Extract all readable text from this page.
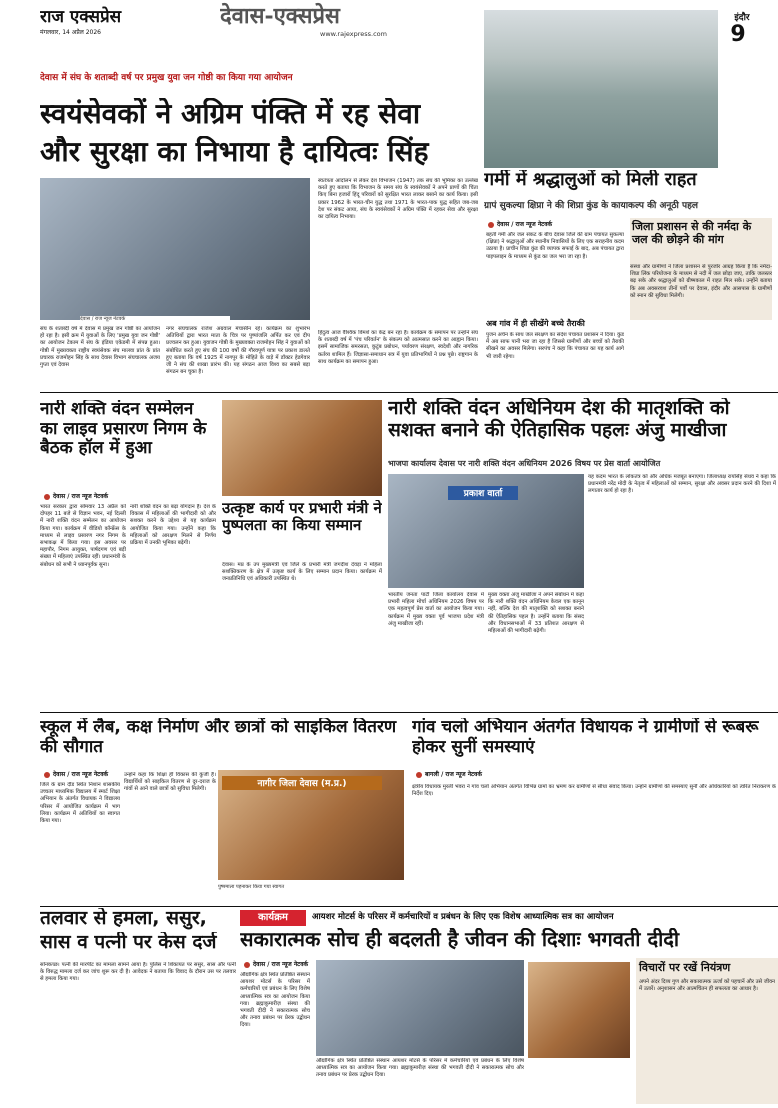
राज एक्सप्रेस
मंगलवार, 14 अप्रैल 2026
देवास-एक्सप्रेस
www.rajexpress.com
इंदौर
9
देवास में संघ के शताब्दी वर्ष पर प्रमुख युवा जन गोष्ठी का किया गया आयोजन
स्वयंसेवकों ने अग्रिम पंक्ति में रह सेवा
और सुरक्षा का निभाया है दायित्वः सिंह
देवास / राज न्यूज नेटवर्क
संघ के शताब्दी वर्ष में देवास में प्रमुख जन गोष्ठी का आयोजन हो रहा है। इसी क्रम में युवाओं के लिए 'प्रमुख युवा जन गोष्ठी' का आयोजन टेकाम में संघ के इंडिया एकेडमी में संपन्न हुआ। गोष्ठी में मुख्यवक्ता राष्ट्रीय स्वयंसेवक संघ मालवा प्रांत के प्रांत प्रचारक राजमोहन सिंह के साथ देवास विभाग संघचालक अजय गुप्ता एवं देवास
नगर संघचालक राजेश अग्रवाल मंचासीन रहे। कार्यक्रम का शुभारंभ अतिथियों द्वारा भारत माता के चित्र पर पुष्पांजलि अर्पित कर एवं दीप प्रज्वलन कर हुआ। युवाजन गोष्ठी के मुख्यवक्ता राजमोहन सिंह ने युवाओं को संबोधित करते हुए संघ की 100 वर्षों की गौरवपूर्ण यात्रा पर प्रकाश डालते हुए बताया कि वर्ष 1925 में नागपुर के मोहिते के वाड़े में डॉक्टर हेडगेवार जी ने संघ की शाखा प्रारंभ की। यह संगठन आज विश्व का सबसे बड़ा संगठन बन चुका है।
स्वतंत्रता आंदोलन से लेकर देश विभाजन (1947) तक संघ की भूमिका का उल्लेख करते हुए बताया कि विभाजन के समय संघ के स्वयंसेवकों ने अपने प्राणों की चिंता किए बिना हजारों हिंदू परिवारों को सुरक्षित भारत लाकर बसाने का कार्य किया। इसी प्रकार 1962 के भारत-चीन युद्ध तथा 1971 के भारत-पाक युद्ध सहित जब-जब देश पर संकट आया, संघ के स्वयंसेवकों ने अग्रिम पंक्ति में रहकर सेवा और सुरक्षा का दायित्व निभाया।
हिंदुत्व आज वैश्विक विमर्श का केंद्र बन रहा है। कार्यक्रम के समापन पर उन्होंने संघ के शताब्दी वर्ष में 'पंच परिवर्तन' के संकल्प को आत्मसात करने का आह्वान किया। इसमें सामाजिक समरसता, कुटुंब प्रबोधन, पर्यावरण संरक्षण, स्वदेशी और नागरिक कर्तव्य शामिल हैं। जिज्ञासा-समाधान सत्र में युवा प्रतिभागियों ने प्रश्न पूछे। राष्ट्रगान के साथ कार्यक्रम का समापन हुआ।
गर्मी में श्रद्धालुओं को मिली राहत
ग्रापं सुकल्या क्षिप्रा ने की शिप्रा कुंड के कायाकल्प की अनूठी पहल
देवास / राज न्यूज नेटवर्क
बहती गर्मी और जल संकट के बीच देवास जिले की ग्राम पंचायत सुकल्या (क्षिप्रा) ने श्रद्धालुओं और स्थानीय निवासियों के लिए एक सराहनीय कदम उठाया है। प्राचीन शिप्रा कुंड की व्यापक सफाई के बाद, अब पंचायत द्वारा पाइपलाइन के माध्यम से कुंड का जल भरा जा रहा है।
अब गांव में ही सीखेंगे बच्चे तैराकी
पुजन अर्चन के साथ जल संरक्षण का संदेश पंचायत प्रशासन ने दिया। कुंड में अब साफ पानी भरा जा रहा है जिससे ग्रामीणों और बच्चों को तैराकी सीखने का अवसर मिलेगा। सरपंच ने कहा कि पंचायत का यह कार्य आगे भी जारी रहेगा।
जिला प्रशासन से की नर्मदा के जल की छोड़ने की मांग
संस्था और ग्रामीणों ने जिला प्रशासन से पुरजोर आग्रह किया है कि नर्मदा-शिप्रा लिंक परियोजना के माध्यम से नदी में जल छोड़ा जाए, ताकि जलस्तर बढ़ सके और श्रद्धालुओं को ग्रीष्मकाल में राहत मिल सके। उन्होंने बताया कि अब अवसरवश तीनों पर्वों पर देवास, इंदौर और आसपास के ग्रामीणों को स्नान की सुविधा मिलेगी।
नारी शक्ति वंदन सम्मेलन का लाइव प्रसारण निगम के बैठक हॉल में हुआ
देवास / राज न्यूज नेटवर्क
भारत सरकार द्वारा सोमवार 13 अप्रैल को दोपहर 11 बजे से विज्ञान भवन, नई दिल्ली में नारी शक्ति वंदन सम्मेलन का आयोजन किया गया। कार्यक्रम में वीडियो कॉन्फ्रेंस के माध्यम से लाइव प्रसारण नगर निगम के सभाकक्ष में किया गया। इस अवसर पर महापौर, निगम आयुक्त, पार्षदगण एवं बड़ी संख्या में महिलाएं उपस्थित रहीं। प्रधानमंत्री के संबोधन को सभी ने ध्यानपूर्वक सुना।
नारी शक्ति वंदन का बढ़ा योगदान है। देश के विकास में महिलाओं की भागीदारी को और सशक्त करने के उद्देश्य से यह कार्यक्रम आयोजित किया गया। उन्होंने कहा कि महिलाओं को आरक्षण मिलने से निर्णय प्रक्रिया में उनकी भूमिका बढ़ेगी।
उत्कृष्ट कार्य पर प्रभारी मंत्री ने पुष्पलता का किया सम्मान
देवास। मप्र के उप मुख्यमंत्री एवं जिले के प्रभारी मंत्री जगदीश देवड़ा ने महिला सशक्तिकरण के क्षेत्र में उत्कृष्ट कार्य के लिए सम्मान प्रदान किया। कार्यक्रम में जनप्रतिनिधि एवं अधिकारी उपस्थित थे।
नारी शक्ति वंदन अधिनियम देश की मातृशक्ति को सशक्त बनाने की ऐतिहासिक पहलः अंजु माखीजा
भाजपा कार्यालय देवास पर नारी शक्ति वंदन अधिनियम 2026 विषय पर प्रेस वार्ता आयोजित
प्रकाश वार्ता
भारतीय जनता पार्टी जिला कार्यालय देवास में प्रभारी महिला मोर्चा अधिनियम 2026 विषय पर एक महत्वपूर्ण प्रेस वार्ता का आयोजन किया गया। कार्यक्रम में मुख्य वक्ता पूर्व भाजपा प्रदेश मंत्री अंजु माखीजा रहीं।
मुख्य वक्ता अंजु माखीजा ने अपने संबोधन में कहा कि नारी शक्ति वंदन अधिनियम केवल एक कानून नहीं, बल्कि देश की मातृशक्ति को सशक्त बनाने की ऐतिहासिक पहल है। उन्होंने बताया कि संसद और विधानसभाओं में 33 प्रतिशत आरक्षण से महिलाओं की भागीदारी बढ़ेगी।
यह कदम भारत के लोकतंत्र को और अधिक मजबूत बनाएगा। जिलाध्यक्ष रायसिंह सेंधव ने कहा कि प्रधानमंत्री नरेंद्र मोदी के नेतृत्व में महिलाओं को सम्मान, सुरक्षा और अवसर प्रदान करने की दिशा में लगातार कार्य हो रहा है।
स्कूल में लैब, कक्ष निर्माण और छात्रों को साइकिल वितरण की सौगात
देवास / राज न्यूज नेटवर्क
जिले के ग्राम दौंड स्थित निशान शासकीय उच्चतर माध्यमिक विद्यालय में स्मार्ट शिक्षा अभियान के अंतर्गत विधायक ने विद्यालय परिसर में आयोजित कार्यक्रम में भाग लिया। कार्यक्रम में अतिथियों का स्वागत किया गया।
उन्होंने कहा कि शिक्षा ही विकास की कुंजी है। विद्यार्थियों को साइकिल वितरण से दूर-दराज के गांवों से आने वाले छात्रों को सुविधा मिलेगी।
नागीर जिला देवास (म.प्र.)
पुष्पमाला पहनाकर किया गया स्वागत
गांव चलो अभियान अंतर्गत विधायक ने ग्रामीणों से रूबरू होकर सुनीं समस्याएं
बागली / राज न्यूज नेटवर्क
क्षेत्रीय विधायक मुरली भंवरा ने गांव चलो अभियान अंतर्गत विभिन्न ग्रामों का भ्रमण कर ग्रामीणों से सीधा संवाद किया। उन्होंने ग्रामीणों की समस्याएं सुनीं और अधिकारियों को त्वरित निराकरण के निर्देश दिए।
तलवार से हमला, ससुर,
सास व पत्नी पर केस दर्ज
सोनकच्छ। पत्नी की मारपीट का मामला सामने आया है। पुलिस ने शिकायत पर ससुर, सास और पत्नी के विरुद्ध मामला दर्ज कर जांच शुरू कर दी है। आवेदक ने बताया कि विवाद के दौरान उस पर तलवार से हमला किया गया।
कार्यक्रम	आयशर मोटर्स के परिसर में कर्मचारियों व प्रबंधन के लिए एक विशेष आध्यात्मिक सत्र का आयोजन
सकारात्मक सोच ही बदलती है जीवन की दिशाः भगवती दीदी
देवास / राज न्यूज नेटवर्क
औद्योगिक क्षेत्र स्थित प्रतिष्ठित संस्थान आयशर मोटर्स के परिसर में कर्मचारियों एवं प्रबंधन के लिए विशेष आध्यात्मिक सत्र का आयोजन किया गया। ब्रह्माकुमारीज़ संस्था की भगवती दीदी ने सकारात्मक सोच और तनाव प्रबंधन पर प्रेरक उद्बोधन दिया।
औद्योगिक क्षेत्र स्थित प्रतिष्ठित संस्थान आयशर मोटर्स के परिसर में कर्मचारियों एवं प्रबंधन के लिए विशेष आध्यात्मिक सत्र का आयोजन किया गया। ब्रह्माकुमारीज़ संस्था की भगवती दीदी ने सकारात्मक सोच और तनाव प्रबंधन पर प्रेरक उद्बोधन दिया।
विचारों पर रखें नियंत्रण
अपने अंदर दिव्य गुण और सकारात्मक ऊर्जा को पहचानें और उसे जीवन में उतारें। अनुशासन और आत्मचिंतन ही सफलता का आधार है।
